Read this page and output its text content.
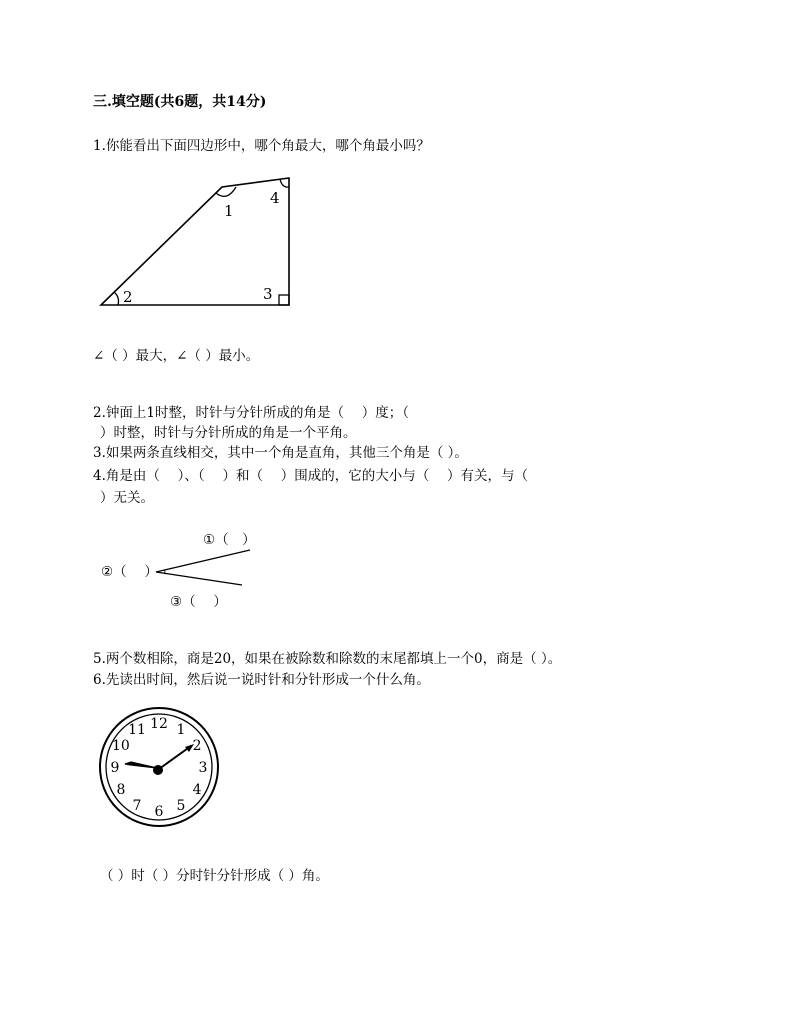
三.填空题(共6题，共14分)
1.你能看出下面四边形中，哪个角最大，哪个角最小吗？
1
2	3
4
∠（ ）最大，∠（ ）最小。
2.钟面上1时整，时针与分针所成的角是（　 ）度；（
）时整，时针与分针所成的角是一个平角。
3.如果两条直线相交，其中一个角是直角，其他三个角是（ ）。
4.角是由（　 ）、（　 ）和（　 ）围成的，它的大小与（　 ）有关，与（
）无关。
①（　）
②（　 ）
③（　 ）
5.两个数相除，商是20，如果在被除数和除数的末尾都填上一个0，商是（ ）。
6.先读出时间，然后说一说时针和分针形成一个什么角。
12 1
2
3
4
5
6
7
8
9
10
11
（ ）时（ ）分时针分针形成（ ）角。
